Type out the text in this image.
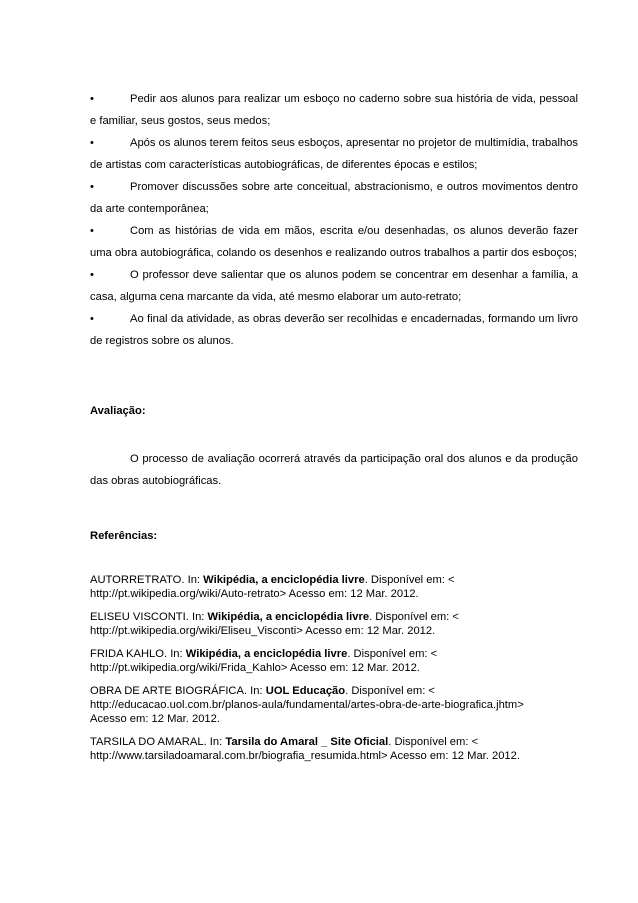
•	Pedir aos alunos para realizar um esboço no caderno sobre sua história de vida, pessoal e familiar, seus gostos, seus medos;

•	Após os alunos terem feitos seus esboços, apresentar no projetor de multimídia, trabalhos de artistas com características autobiográficas, de diferentes épocas e estilos;

•	Promover discussões sobre arte conceitual, abstracionismo, e outros movimentos dentro da arte contemporânea;

•	Com as histórias de vida em mãos, escrita e/ou desenhadas, os alunos deverão fazer uma obra autobiográfica, colando os desenhos e realizando outros trabalhos a partir dos esboços;

•	O professor deve salientar que os alunos podem se concentrar em desenhar a família, a casa, alguma cena marcante da vida, até mesmo elaborar um auto-retrato;

•	Ao final da atividade, as obras deverão ser recolhidas e encadernadas, formando um livro de registros sobre os alunos.

Avaliação:

O processo de avaliação ocorrerá através da participação oral dos alunos e da produção das obras autobiográficas.

Referências:

AUTORRETRATO. In: Wikipédia, a enciclopédia livre. Disponível em: <
http://pt.wikipedia.org/wiki/Auto-retrato> Acesso em: 12 Mar. 2012.

ELISEU VISCONTI. In: Wikipédia, a enciclopédia livre. Disponível em: <
http://pt.wikipedia.org/wiki/Eliseu_Visconti> Acesso em: 12 Mar. 2012.

FRIDA KAHLO. In: Wikipédia, a enciclopédia livre. Disponível em: <
http://pt.wikipedia.org/wiki/Frida_Kahlo> Acesso em: 12 Mar. 2012.

OBRA DE ARTE BIOGRÁFICA. In: UOL Educação. Disponível em: <
http://educacao.uol.com.br/planos-aula/fundamental/artes-obra-de-arte-biografica.jhtm>
Acesso em: 12 Mar. 2012.

TARSILA DO AMARAL. In: Tarsila do Amaral _ Site Oficial. Disponível em: <
http://www.tarsiladoamaral.com.br/biografia_resumida.html> Acesso em: 12 Mar. 2012.
